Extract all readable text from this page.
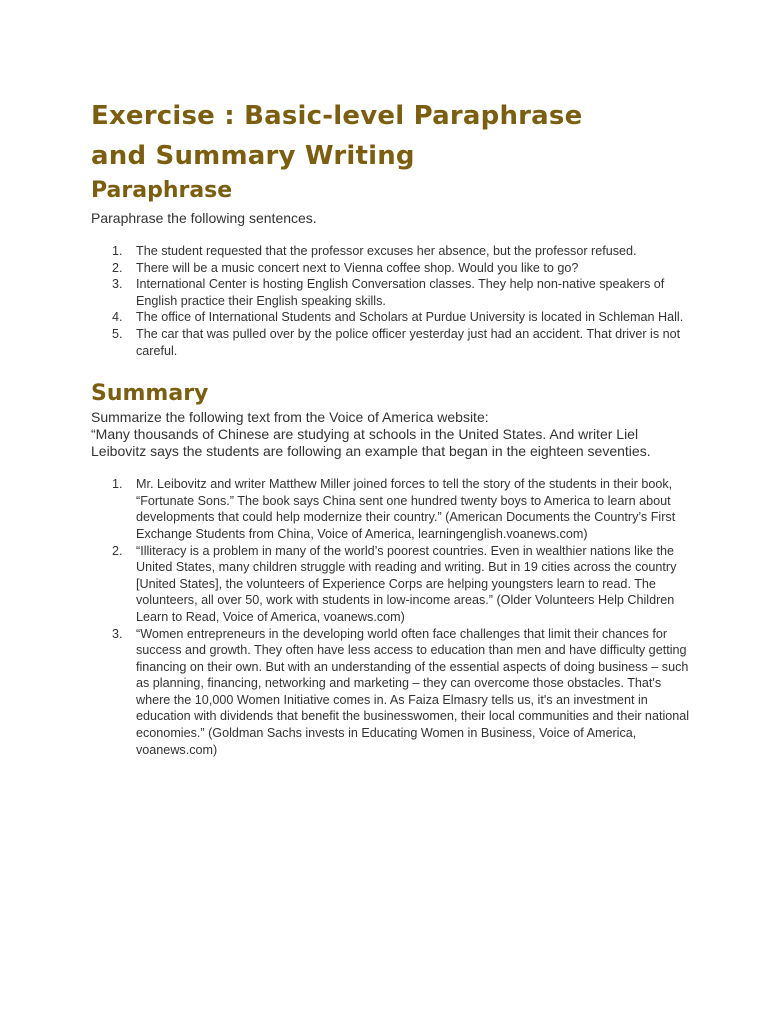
Exercise : Basic-level Paraphrase
and Summary Writing
Paraphrase

Paraphrase the following sentences.

1. The student requested that the professor excuses her absence, but the professor refused.
2. There will be a music concert next to Vienna coffee shop. Would you like to go?
3. International Center is hosting English Conversation classes. They help non-native speakers of English practice their English speaking skills.
4. The office of International Students and Scholars at Purdue University is located in Schleman Hall.
5. The car that was pulled over by the police officer yesterday just had an accident. That driver is not careful.
Summary

Summarize the following text from the Voice of America website:

“Many thousands of Chinese are studying at schools in the United States. And writer Liel Leibovitz says the students are following an example that began in the eighteen seventies.

1. Mr. Leibovitz and writer Matthew Miller joined forces to tell the story of the students in their book, “Fortunate Sons.” The book says China sent one hundred twenty boys to America to learn about developments that could help modernize their country.” (American Documents the Country’s First Exchange Students from China, Voice of America, learningenglish.voanews.com)
2. “Illiteracy is a problem in many of the world’s poorest countries. Even in wealthier nations like the United States, many children struggle with reading and writing. But in 19 cities across the country [United States], the volunteers of Experience Corps are helping youngsters learn to read. The volunteers, all over 50, work with students in low-income areas.” (Older Volunteers Help Children Learn to Read, Voice of America, voanews.com)
3. “Women entrepreneurs in the developing world often face challenges that limit their chances for success and growth. They often have less access to education than men and have difficulty getting financing on their own. But with an understanding of the essential aspects of doing business – such as planning, financing, networking and marketing – they can overcome those obstacles. That's where the 10,000 Women Initiative comes in. As Faiza Elmasry tells us, it's an investment in education with dividends that benefit the businesswomen, their local communities and their national economies.” (Goldman Sachs invests in Educating Women in Business, Voice of America, voanews.com)
